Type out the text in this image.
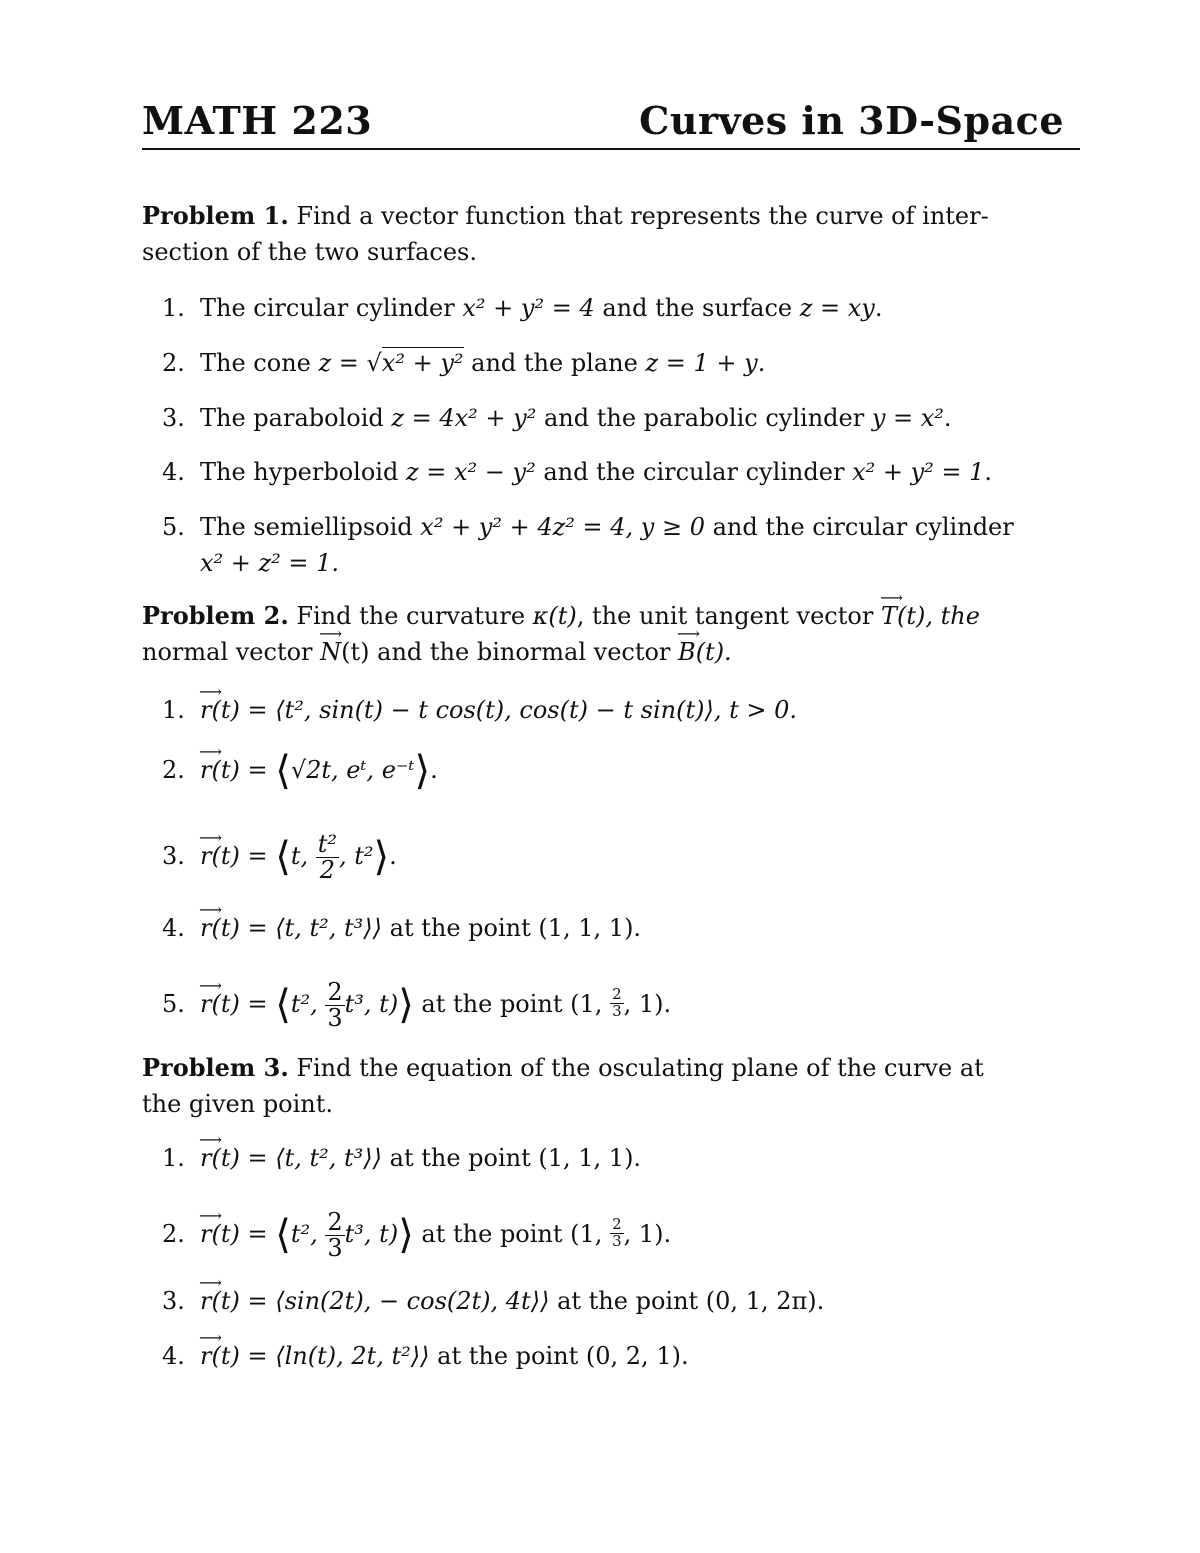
MATH 223	Curves in 3D-Space
Problem 1. Find a vector function that represents the curve of inter-
section of the two surfaces.
1. The circular cylinder x² + y² = 4 and the surface z = xy.
2. The cone z = √x² + y² and the plane z = 1 + y.
3. The paraboloid z = 4x² + y² and the parabolic cylinder y = x².
4. The hyperboloid z = x² − y² and the circular cylinder x² + y² = 1.
5. The semiellipsoid x² + y² + 4z² = 4, y ≥ 0 and the circular cylinder
x² + z² = 1.
Problem 2. Find the curvature κ(t), the unit tangent vector ⟶ T(t), the
normal vector ⟶ N(t) and the binormal vector ⟶ B(t).
1. ⟶ r(t) = ⟨t², sin(t) − t cos(t), cos(t) − t sin(t)⟩, t > 0.
2. ⟶ r(t) = ⟨√2t, eᵗ, e⁻ᵗ⟩.
3. ⟶ r(t) = ⟨t, $\frac{\text{t²}}{2}$ , t²⟩.
4. ⟶ r(t) = ⟨t, t², t³⟩⟩ at the point (1, 1, 1).
5. ⟶ r(t) = ⟨t², $\frac{2}{3} t^3$, t)⟩ at the point (1, $\frac{2}{3}$ , 1).
Problem 3. Find the equation of the osculating plane of the curve at
the given point.
1. ⟶ r(t) = ⟨t, t², t³⟩⟩ at the point (1, 1, 1).
2. ⟶ r(t) = ⟨t², $\frac{2}{3} t^3$, t)⟩ at the point (1, $\frac{2}{3}$ , 1).
3. ⟶ r(t) = ⟨sin(2t), − cos(2t), 4t⟩⟩ at the point (0, 1, 2π).
4. ⟶ r(t) = ⟨ln(t), 2t, t²⟩⟩ at the point (0, 2, 1).
